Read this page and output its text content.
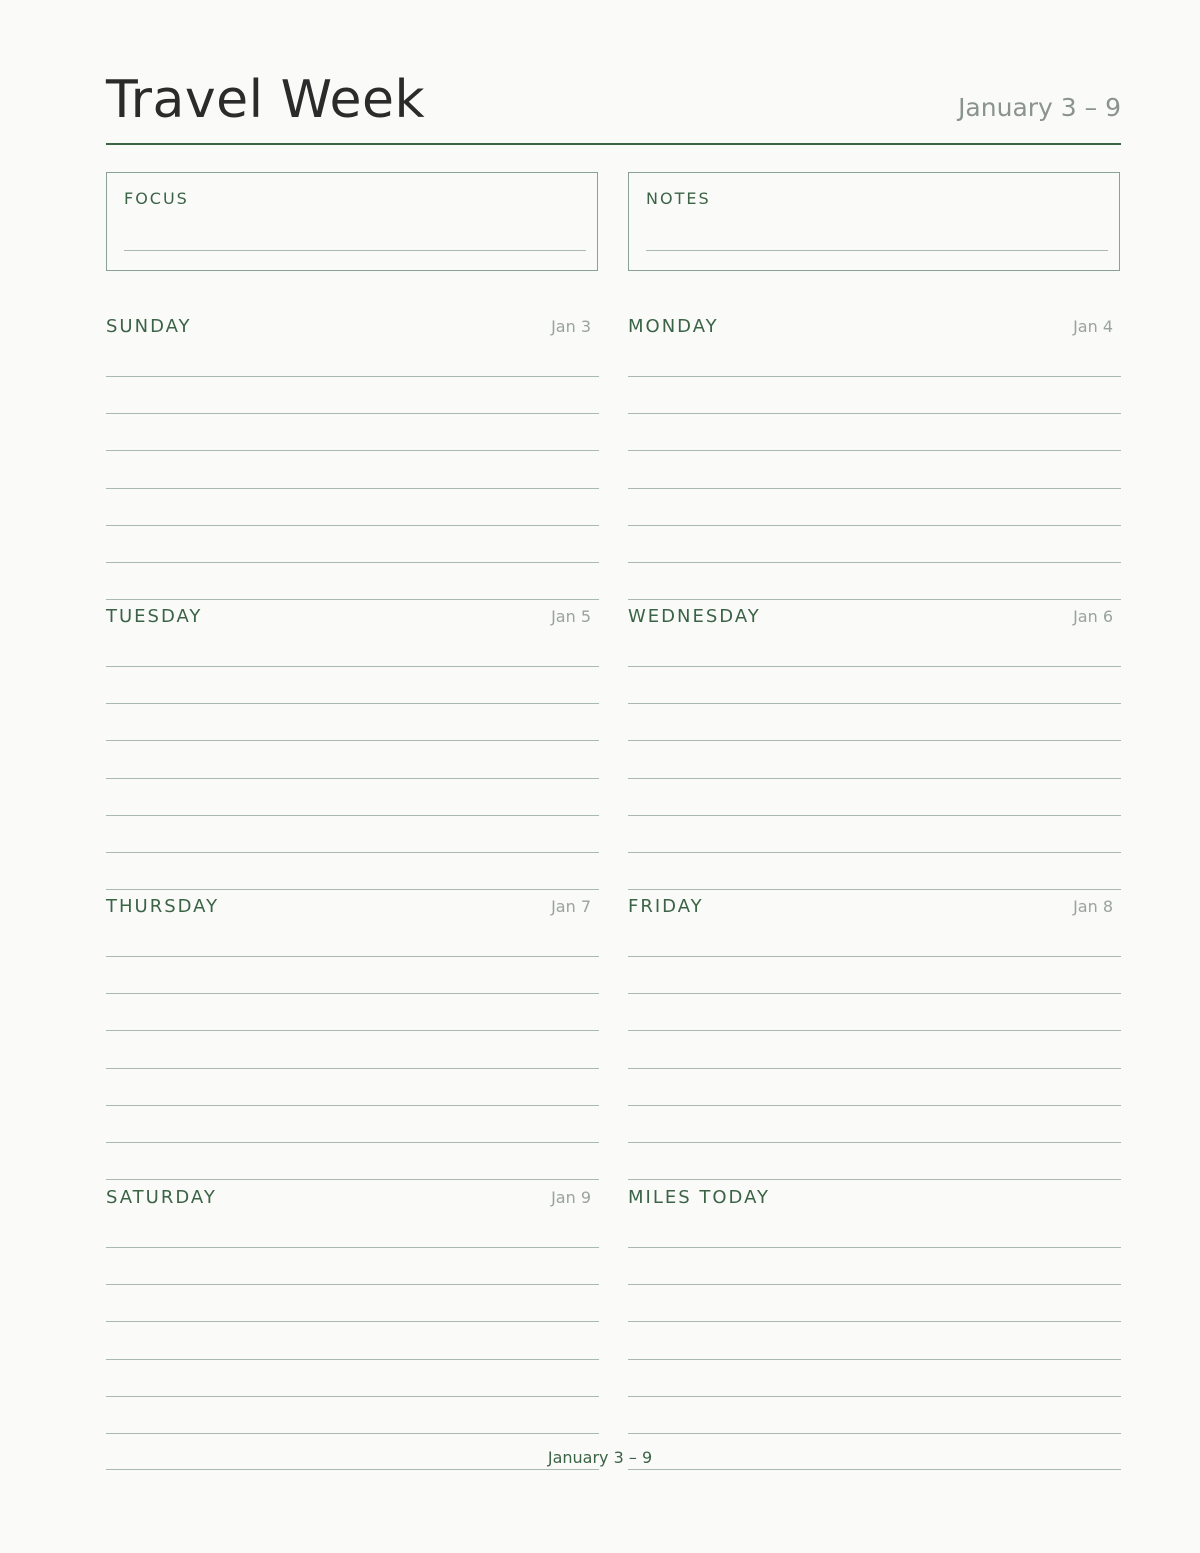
Travel Week	January 3 – 9
FOCUS	NOTES
SUNDAY	Jan 3 MONDAY	Jan 4
TUESDAY	Jan 5 WEDNESDAY	Jan 6
THURSDAY	Jan 7 FRIDAY	Jan 8
SATURDAY	Jan 9 MILES TODAY
January 3 – 9
